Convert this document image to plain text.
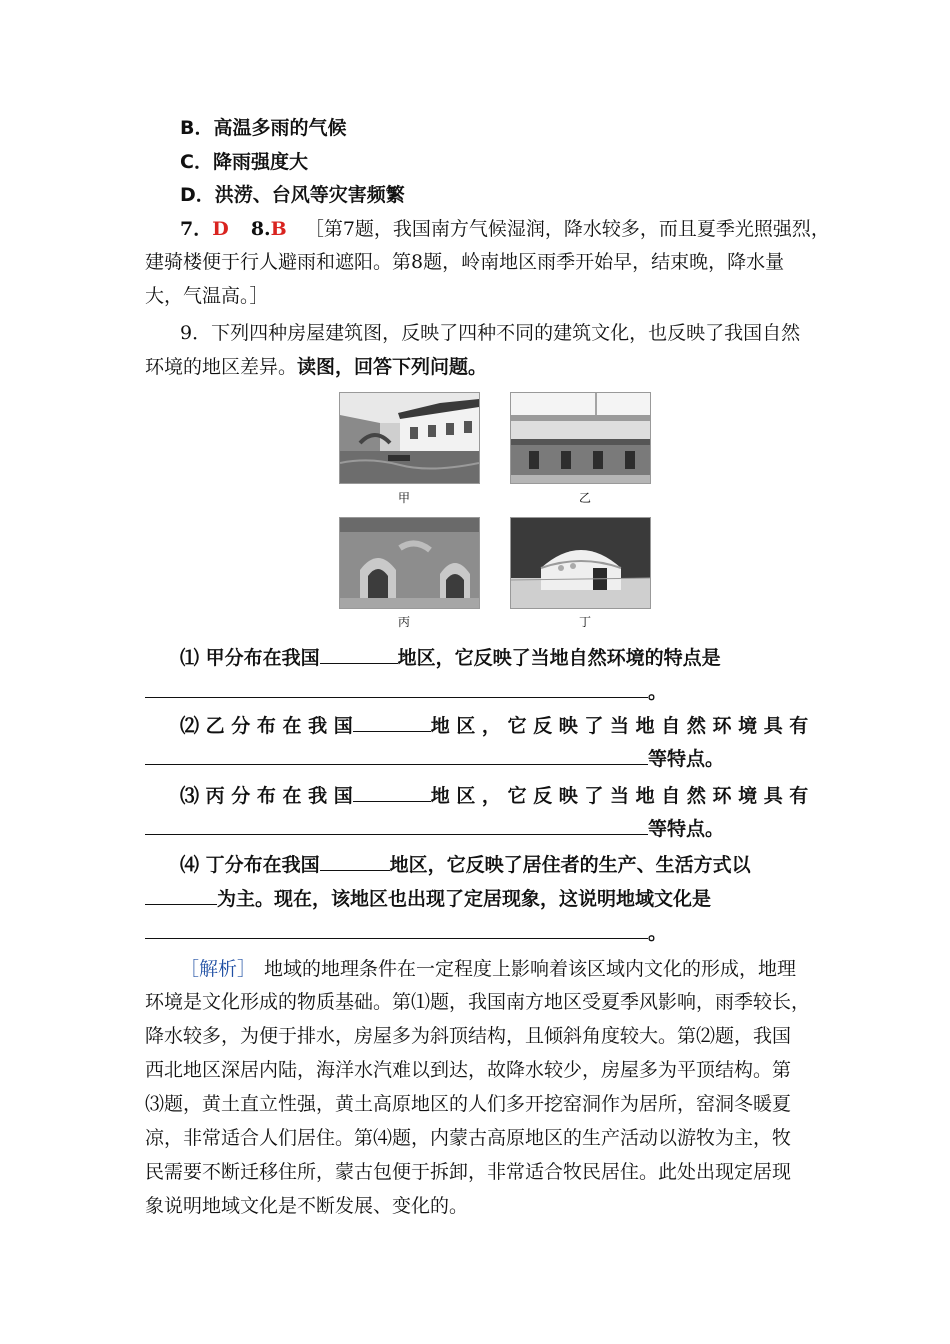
B．高温多雨的气候
C．降雨强度大
D．洪涝、台风等灾害频繁
7．D 8.B ［第7题，我国南方气候湿润，降水较多，而且夏季光照强烈，
建骑楼便于行人避雨和遮阳。第8题，岭南地区雨季开始早，结束晚，降水量
大，气温高。］
9．下列四种房屋建筑图，反映了四种不同的建筑文化，也反映了我国自然
环境的地区差异。读图，回答下列问题。
甲	乙
丙	丁
⑴ 甲分布在我国	地区，它反映了当地自然环境的特点是
。
⑵ 乙 分 布 在 我 国	地 区 ， 它 反 映 了 当 地 自 然 环 境 具 有
等特点。
⑶ 丙 分 布 在 我 国	地 区 ， 它 反 映 了 当 地 自 然 环 境 具 有
等特点。
⑷ 丁分布在我国	地区，它反映了居住者的生产、生活方式以
为主。现在，该地区也出现了定居现象，这说明地域文化是
。
［解析］ 地域的地理条件在一定程度上影响着该区域内文化的形成，地理
环境是文化形成的物质基础。第⑴题，我国南方地区受夏季风影响，雨季较长，
降水较多，为便于排水，房屋多为斜顶结构，且倾斜角度较大。第⑵题，我国
西北地区深居内陆，海洋水汽难以到达，故降水较少，房屋多为平顶结构。第
⑶题，黄土直立性强，黄土高原地区的人们多开挖窑洞作为居所，窑洞冬暖夏
凉，非常适合人们居住。第⑷题，内蒙古高原地区的生产活动以游牧为主，牧
民需要不断迁移住所，蒙古包便于拆卸，非常适合牧民居住。此处出现定居现
象说明地域文化是不断发展、变化的。
